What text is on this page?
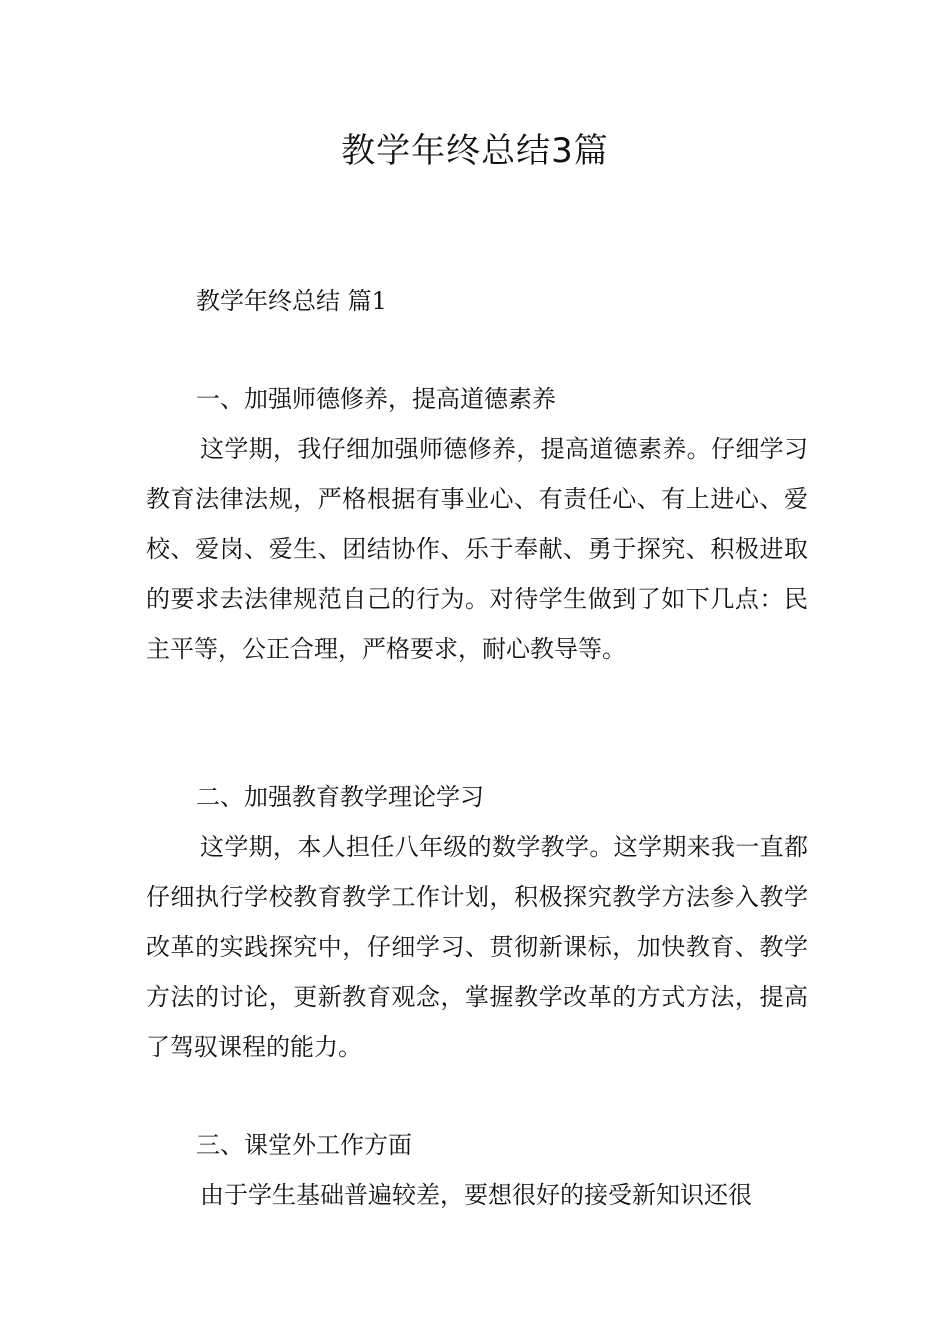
教学年终总结3篇

教学年终总结 篇1

一、加强师德修养，提高道德素养

这学期，我仔细加强师德修养，提高道德素养。仔细学习教育法律法规，严格根据有事业心、有责任心、有上进心、爱校、爱岗、爱生、团结协作、乐于奉献、勇于探究、积极进取的要求去法律规范自己的行为。对待学生做到了如下几点：民主平等，公正合理，严格要求，耐心教导等。

二、加强教育教学理论学习

这学期，本人担任八年级的数学教学。这学期来我一直都仔细执行学校教育教学工作计划，积极探究教学方法参入教学改革的实践探究中，仔细学习、贯彻新课标，加快教育、教学方法的讨论，更新教育观念，掌握教学改革的方式方法，提高了驾驭课程的能力。

三、课堂外工作方面

由于学生基础普遍较差，要想很好的接受新知识还很
